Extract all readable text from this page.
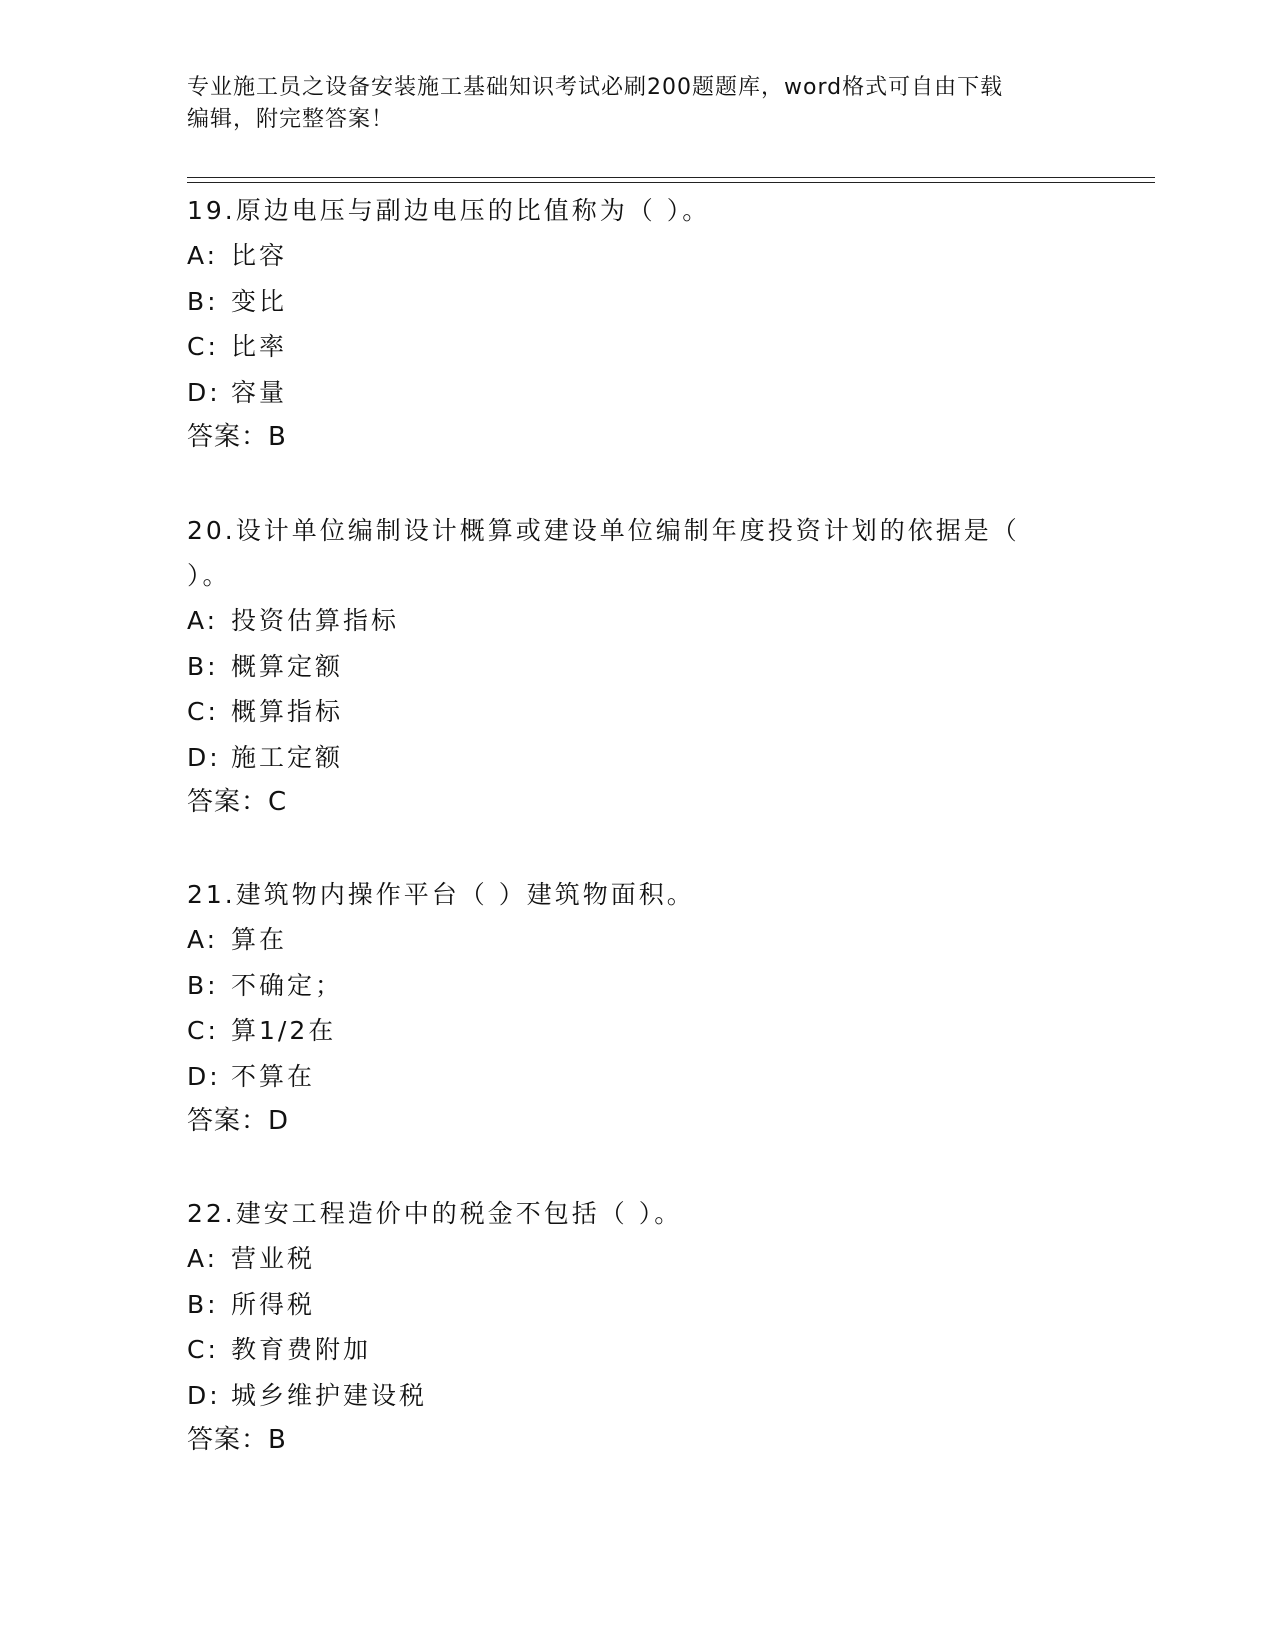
专业施工员之设备安装施工基础知识考试必刷200题题库，word格式可自由下载
编辑，附完整答案！

19.原边电压与副边电压的比值称为（ ）。

A: 比容

B: 变比

C: 比率

D: 容量

答案：B

20.设计单位编制设计概算或建设单位编制年度投资计划的依据是（

）。

A: 投资估算指标

B: 概算定额

C: 概算指标

D: 施工定额

答案：C

21.建筑物内操作平台（ ）建筑物面积。

A: 算在

B: 不确定；

C: 算1/2在

D: 不算在

答案：D

22.建安工程造价中的税金不包括（ ）。

A: 营业税

B: 所得税

C: 教育费附加

D: 城乡维护建设税

答案：B
